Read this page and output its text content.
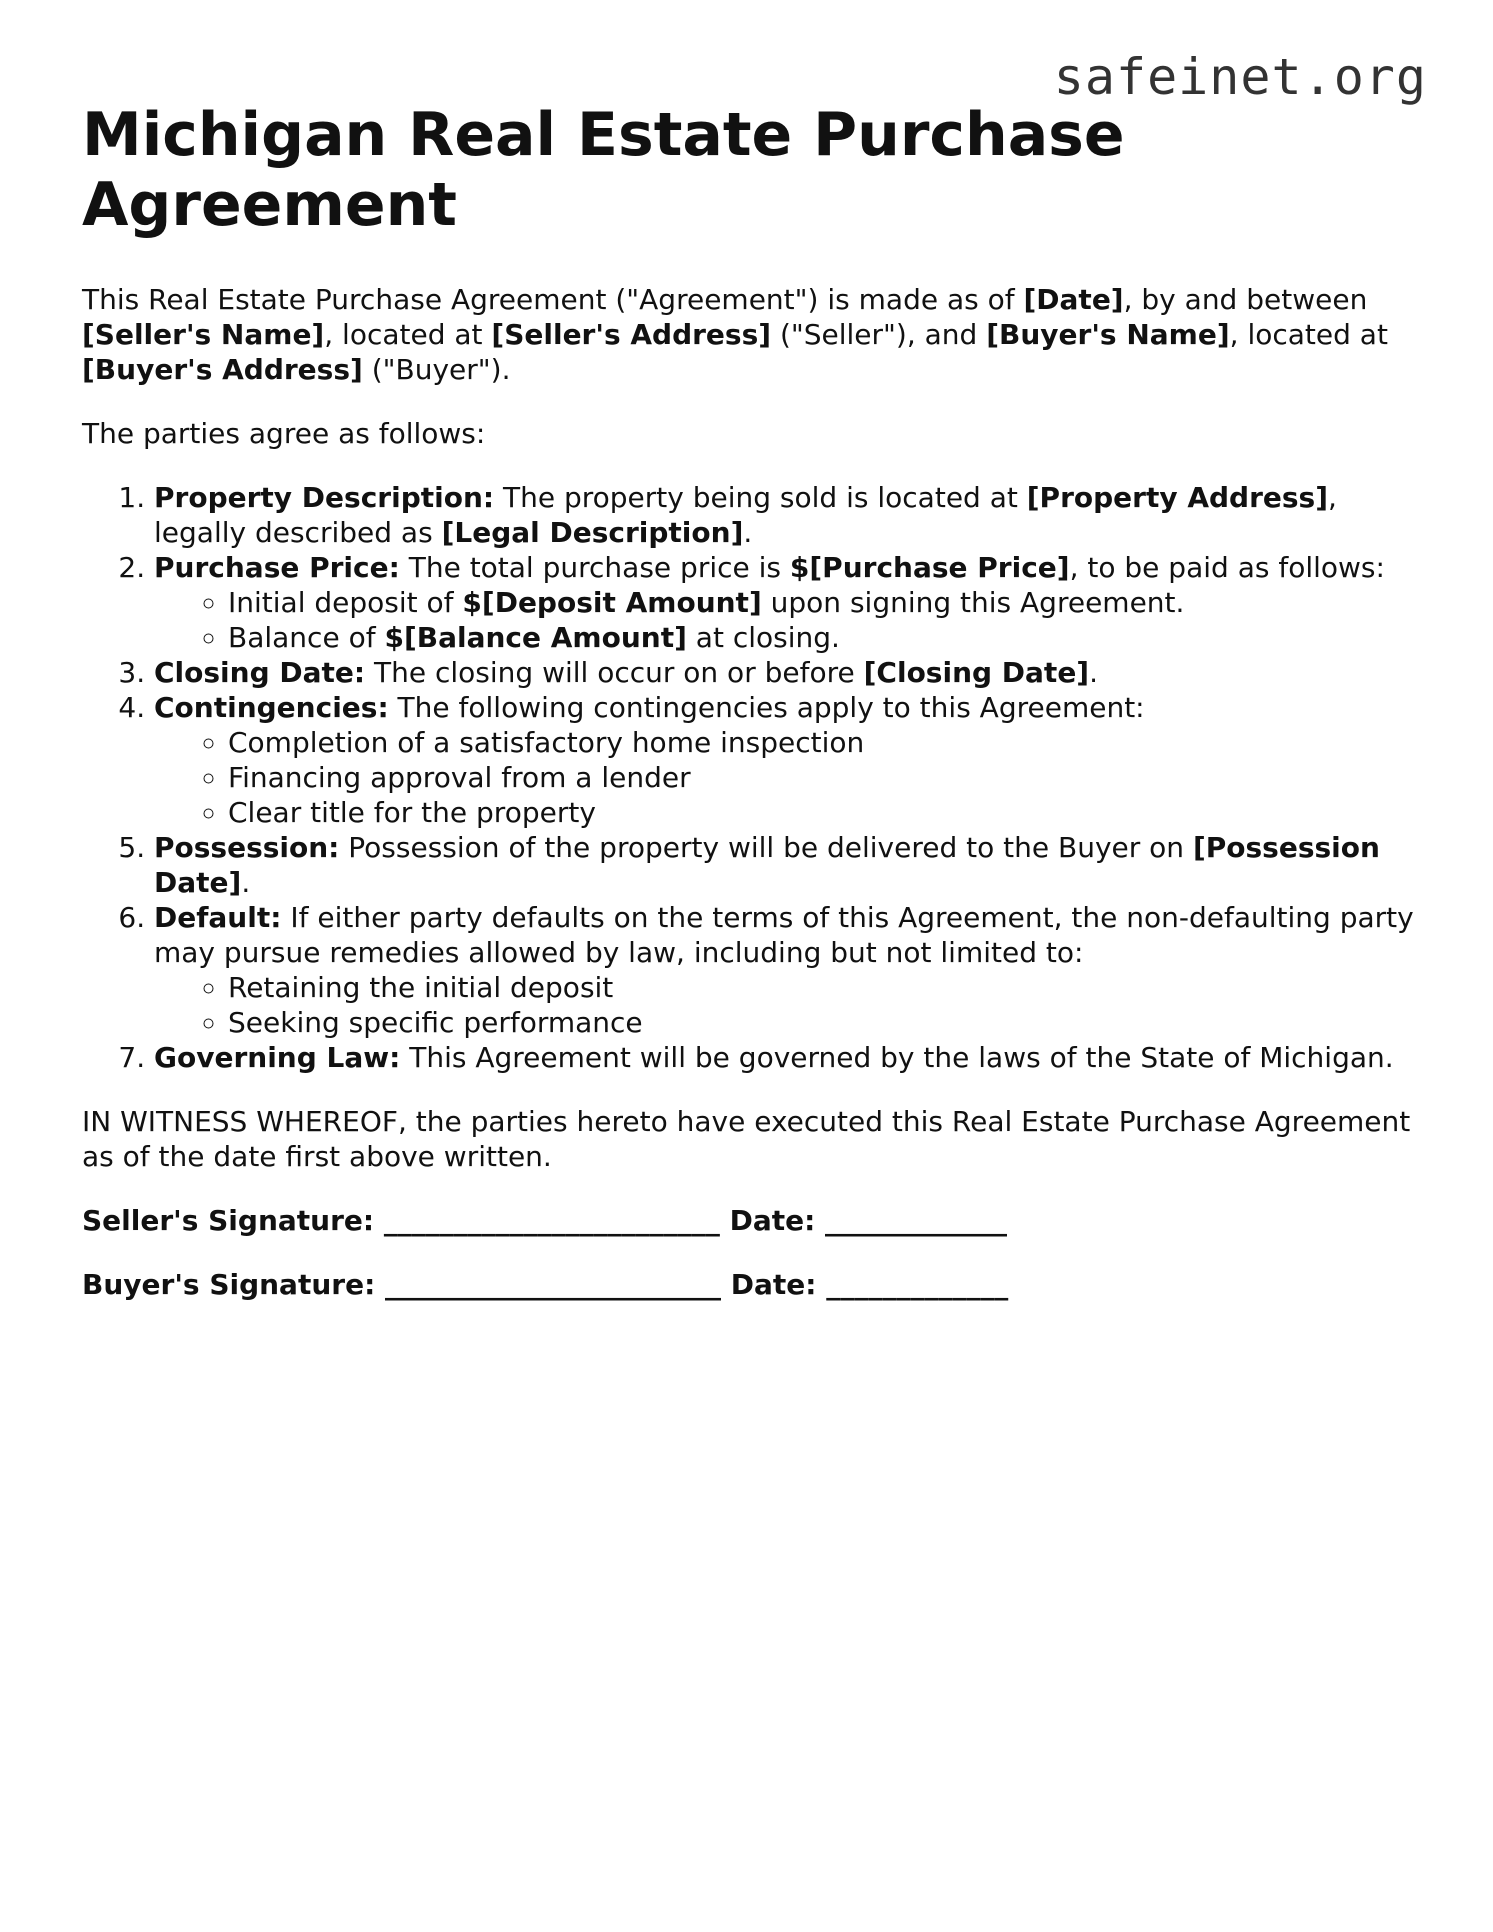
safeinet.org
Michigan Real Estate Purchase Agreement

This Real Estate Purchase Agreement ("Agreement") is made as of [Date], by and between [Seller's Name], located at [Seller's Address] ("Seller"), and [Buyer's Name], located at [Buyer's Address] ("Buyer").

The parties agree as follows:

1. Property Description: The property being sold is located at [Property Address], legally described as [Legal Description].
2. Purchase Price: The total purchase price is $[Purchase Price], to be paid as follows:
◦ Initial deposit of $[Deposit Amount] upon signing this Agreement.
◦ Balance of $[Balance Amount] at closing.
3. Closing Date: The closing will occur on or before [Closing Date].
4. Contingencies: The following contingencies apply to this Agreement:
◦ Completion of a satisfactory home inspection
◦ Financing approval from a lender
◦ Clear title for the property
5. Possession: Possession of the property will be delivered to the Buyer on [Possession Date].
6. Default: If either party defaults on the terms of this Agreement, the non-defaulting party may pursue remedies allowed by law, including but not limited to:
◦ Retaining the initial deposit
◦ Seeking specific performance
7. Governing Law: This Agreement will be governed by the laws of the State of Michigan.

IN WITNESS WHEREOF, the parties hereto have executed this Real Estate Purchase Agreement as of the date first above written.

Seller's Signature: ________________________ Date: _____________
Buyer's Signature: ________________________ Date: _____________
